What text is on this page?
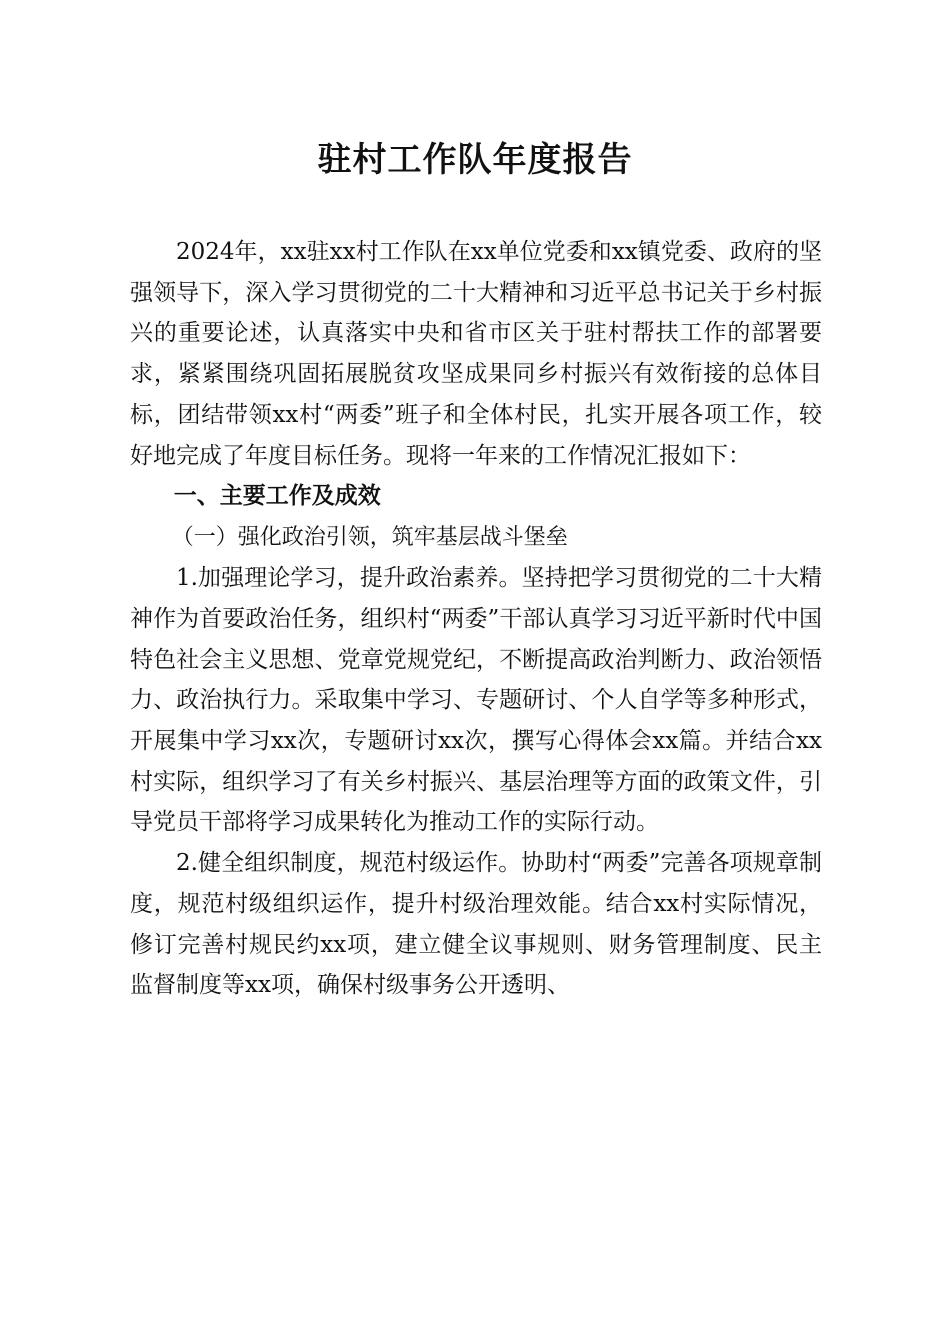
驻村工作队年度报告

2024年，xx驻xx村工作队在xx单位党委和xx镇党委、政府的坚强领导下，深入学习贯彻党的二十大精神和习近平总书记关于乡村振兴的重要论述，认真落实中央和省市区关于驻村帮扶工作的部署要求，紧紧围绕巩固拓展脱贫攻坚成果同乡村振兴有效衔接的总体目标，团结带领xx村“两委”班子和全体村民，扎实开展各项工作，较好地完成了年度目标任务。现将一年来的工作情况汇报如下：

一、主要工作及成效
（一）强化政治引领，筑牢基层战斗堡垒

1.加强理论学习，提升政治素养。坚持把学习贯彻党的二十大精神作为首要政治任务，组织村“两委”干部认真学习习近平新时代中国特色社会主义思想、党章党规党纪，不断提高政治判断力、政治领悟力、政治执行力。采取集中学习、专题研讨、个人自学等多种形式，开展集中学习xx次，专题研讨xx次，撰写心得体会xx篇。并结合xx村实际，组织学习了有关乡村振兴、基层治理等方面的政策文件，引导党员干部将学习成果转化为推动工作的实际行动。

2.健全组织制度，规范村级运作。协助村“两委”完善各项规章制度，规范村级组织运作，提升村级治理效能。结合xx村实际情况，修订完善村规民约xx项，建立健全议事规则、财务管理制度、民主监督制度等xx项，确保村级事务公开透明、
